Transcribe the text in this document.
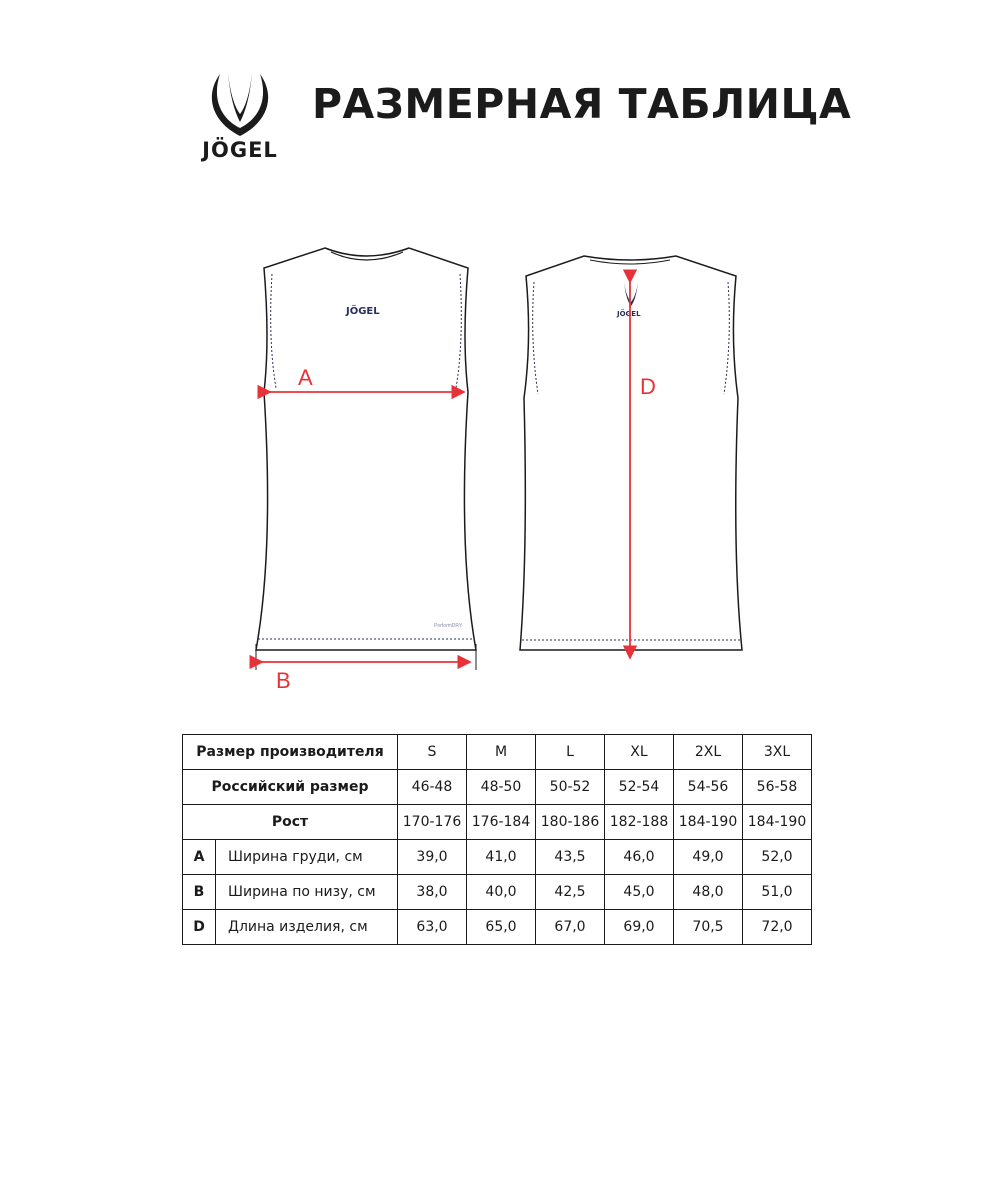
JÖGEL
РАЗМЕРНАЯ ТАБЛИЦА
JÖGEL
PerformDRY
A
B
JÖGEL
D
Размер производителя		S	M	L	XL	2XL	3XL
Российский размер		46-48	48-50	50-52	52-54	54-56	56-58
Рост		170-176	176-184	180-186	182-188	184-190	184-190
A	Ширина груди, см	39,0	41,0	43,5	46,0	49,0	52,0
B	Ширина по низу, см	38,0	40,0	42,5	45,0	48,0	51,0
D	Длина изделия, см	63,0	65,0	67,0	69,0	70,5	72,0
